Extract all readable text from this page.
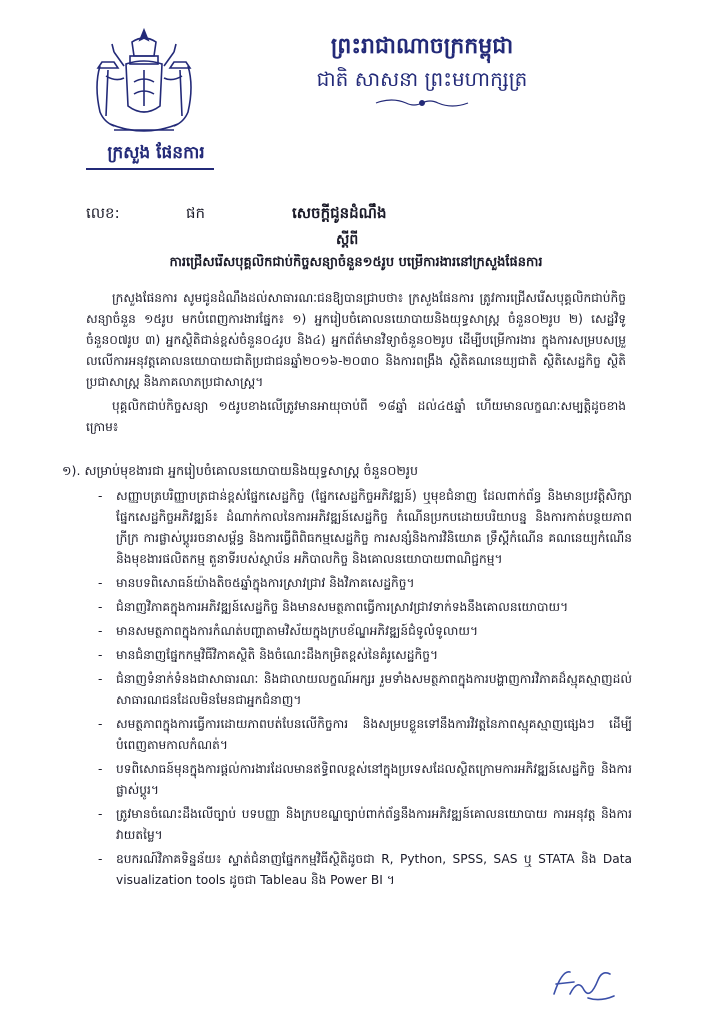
ក្រសួង ផែនការ
ព្រះរាជាណាចក្រកម្ពុជា
ជាតិ សាសនា ព្រះមហាក្សត្រ
លេខ:	ផក	សេចក្តីជូនដំណឹង
ស្តីពី
ការជ្រើសរើសបុគ្គលិកជាប់កិច្ចសន្យាចំនួន១៥រូប បម្រើការងារនៅក្រសួងផែនការ

ក្រសួងផែនការ សូមជូនដំណឹងដល់សាធារណៈជនឱ្យបានជ្រាបថា៖ ក្រសួងផែនការ ត្រូវការជ្រើសរើសបុគ្គលិកជាប់កិច្ចសន្យាចំនួន ១៥រូប មកបំពេញការងារផ្នែក៖ ១) អ្នករៀបចំគោលនយោបាយនិងយុទ្ធសាស្ត្រ ចំនួន០២រូប ២) សេដ្ឋវិទូចំនួន០៧រូប ៣) អ្នកស្ថិតិជាន់ខ្ពស់ចំនួន០៤រូប និង៤) អ្នកព័ត៌មានវិទ្យាចំនួន០២រូប ដើម្បីបម្រើការងារ ក្នុងការសម្របសម្រួលលើការអនុវត្តគោលនយោបាយជាតិប្រជាជនឆ្នាំ២០១៦-២០៣០ និងការពង្រឹង ស្ថិតិគណនេយ្យជាតិ ស្ថិតិសេដ្ឋកិច្ច ស្ថិតិប្រជាសាស្ត្រ និងភាគលាភប្រជាសាស្ត្រ។

បុគ្គលិកជាប់កិច្ចសន្យា ១៥រូបខាងលើត្រូវមានអាយុចាប់ពី ១៨ឆ្នាំ ដល់៤៥ឆ្នាំ ហើយមានលក្ខណៈសម្បត្តិដូចខាងក្រោម៖

១). សម្រាប់មុខងារជា អ្នករៀបចំគោលនយោបាយនិងយុទ្ធសាស្ត្រ ចំនួន០២រូប
- សញ្ញាបត្របរិញ្ញាបត្រជាន់ខ្ពស់ផ្នែកសេដ្ឋកិច្ច (ផ្នែកសេដ្ឋកិច្ចអភិវឌ្ឍន៍) ឬមុខជំនាញ ដែលពាក់ព័ន្ធ និងមានប្រវត្តិសិក្សាផ្នែកសេដ្ឋកិច្ចអភិវឌ្ឍន៍៖ ដំណាក់កាលនៃការអភិវឌ្ឍន៍សេដ្ឋកិច្ច កំណើនប្រកបដោយបរិយាបន្ន និងការកាត់បន្ថយភាពក្រីក្រ ការផ្លាស់ប្តូររចនាសម្ព័ន្ធ និងការធ្វើពិពិធកម្មសេដ្ឋកិច្ច ការសន្សំនិងការវិនិយោគ ទ្រឹស្តីកំណើន គណនេយ្យកំណើន និងមុខងារផលិតកម្ម តួនាទីរបស់ស្ថាប័ន អភិបាលកិច្ច និងគោលនយោបាយពាណិជ្ជកម្ម។
- មានបទពិសោធន៍យ៉ាងតិច៥ឆ្នាំក្នុងការស្រាវជ្រាវ និងវិភាគសេដ្ឋកិច្ច។
- ជំនាញវិភាគក្នុងការអភិវឌ្ឍន៍សេដ្ឋកិច្ច និងមានសមត្ថភាពធ្វើការស្រាវជ្រាវទាក់ទងនឹងគោលនយោបាយ។
- មានសមត្ថភាពក្នុងការកំណត់បញ្ហាតាមវិស័យក្នុងក្របខ័ណ្ឌអភិវឌ្ឍន៍ជំទូលំទូលាយ។
- មានជំនាញផ្នែកកម្មវិធីវិភាគស្ថិតិ និងចំណេះដឹងកម្រិតខ្ពស់នៃគំរូសេដ្ឋកិច្ច។
- ជំនាញទំនាក់ទំនងជាសាធារណៈ និងជាលាយលក្ខណ៍អក្សរ រួមទាំងសមត្ថភាពក្នុងការបង្ហាញការវិភាគដ៏ស្មុគស្មាញដល់សាធារណជនដែលមិនមែនជាអ្នកជំនាញ។
- សមត្ថភាពក្នុងការធ្វើការដោយភាពបត់បែនលើកិច្ចការ និងសម្របខ្លួនទៅនឹងការវិវត្តនៃភាពស្មុគស្មាញផ្សេងៗ ដើម្បីបំពេញតាមកាលកំណត់។
- បទពិសោធន៍មុនក្នុងការផ្តល់ការងារដែលមានឥទ្ធិពលខ្ពស់នៅក្នុងប្រទេសដែលស្ថិតក្រោមការអភិវឌ្ឍន៍សេដ្ឋកិច្ច និងការផ្លាស់ប្តូរ។
- ត្រូវមានចំណេះដឹងលើច្បាប់ បទបញ្ញា និងក្របខណ្ឌច្បាប់ពាក់ព័ន្ធនឹងការអភិវឌ្ឍន៍គោលនយោបាយ ការអនុវត្ត និងការវាយតម្លៃ។
- ឧបករណ៍វិភាគទិន្នន័យ៖ ស្ទាត់ជំនាញផ្នែកកម្មវិធីស្ថិតិដូចជា R, Python, SPSS, SAS ឬ STATA និង Data visualization tools ដូចជា Tableau និង Power BI ។
